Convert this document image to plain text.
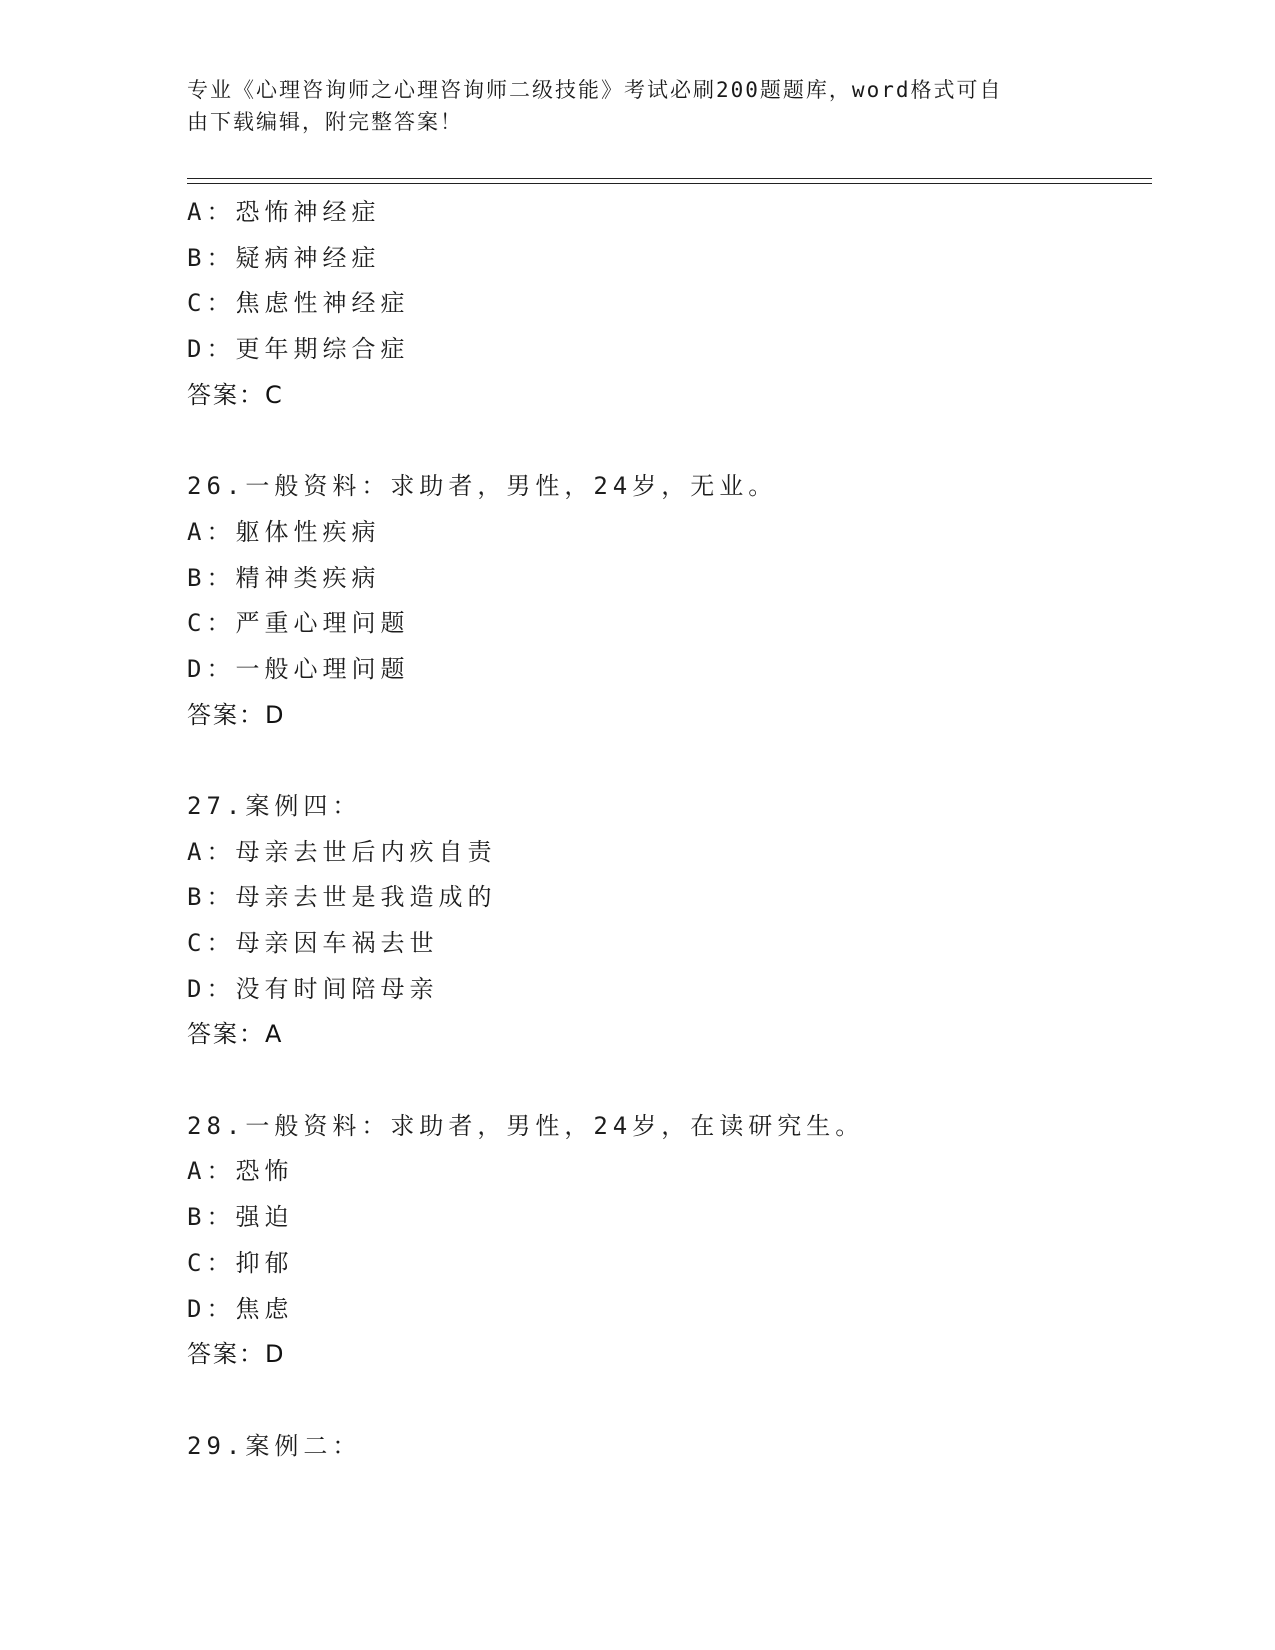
专业《心理咨询师之心理咨询师二级技能》考试必刷200题题库，word格式可自
由下载编辑，附完整答案！
A：恐怖神经症
B：疑病神经症
C：焦虑性神经症
D：更年期综合症
答案：C
26.一般资料：求助者，男性，24岁，无业。
A：躯体性疾病
B：精神类疾病
C：严重心理问题
D：一般心理问题
答案：D
27.案例四：
A：母亲去世后内疚自责
B：母亲去世是我造成的
C：母亲因车祸去世
D：没有时间陪母亲
答案：A
28.一般资料：求助者，男性，24岁，在读研究生。
A：恐怖
B：强迫
C：抑郁
D：焦虑
答案：D
29.案例二：
